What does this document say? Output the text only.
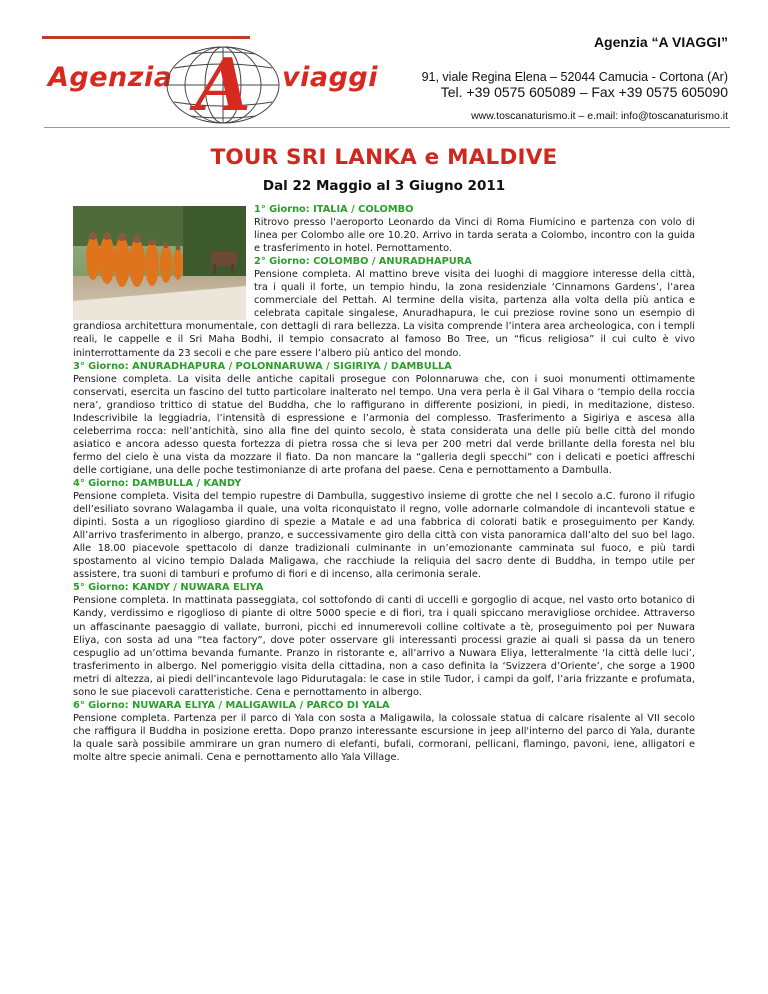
Agenzia A viaggi
Agenzia “A VIAGGI”
91, viale Regina Elena – 52044 Camucia - Cortona (Ar)
Tel. +39 0575 605089 – Fax +39 0575 605090
www.toscanaturismo.it – e.mail: info@toscanaturismo.it
TOUR SRI LANKA e MALDIVE
Dal 22 Maggio al 3 Giugno 2011
1° Giorno: ITALIA / COLOMBO
Ritrovo presso l'aeroporto Leonardo da Vinci di Roma Fiumicino e partenza con volo di linea per Colombo alle ore 10.20. Arrivo in tarda serata a Colombo, incontro con la guida e trasferimento in hotel. Pernottamento.
2° Giorno: COLOMBO / ANURADHAPURA
Pensione completa. Al mattino breve visita dei luoghi di maggiore interesse della città, tra i quali il forte, un tempio hindu, la zona residenziale ‘Cinnamons Gardens’, l’area commerciale del Pettah. Al termine della visita, partenza alla volta della più antica e celebrata capitale singalese, Anuradhapura, le cui preziose rovine sono un esempio di grandiosa architettura monumentale, con dettagli di rara bellezza. La visita comprende l’intera area archeologica, con i templi reali, le cappelle e il Sri Maha Bodhi, il tempio consacrato al famoso Bo Tree, un “ficus religiosa” il cui culto è vivo ininterrottamente da 23 secoli e che pare essere l’albero più antico del mondo.
3° Giorno: ANURADHAPURA / POLONNARUWA / SIGIRIYA / DAMBULLA
Pensione completa. La visita delle antiche capitali prosegue con Polonnaruwa che, con i suoi monumenti ottimamente conservati, esercita un fascino del tutto particolare inalterato nel tempo. Una vera perla è il Gal Vihara o ‘tempio della roccia nera’, grandioso trittico di statue del Buddha, che lo raffigurano in differente posizioni, in piedi, in meditazione, disteso. Indescrivibile la leggiadria, l’intensità di espressione e l’armonia del complesso. Trasferimento a Sigiriya e ascesa alla celeberrima rocca: nell’antichità, sino alla fine del quinto secolo, è stata considerata una delle più belle città del mondo asiatico e ancora adesso questa fortezza di pietra rossa che si leva per 200 metri dal verde brillante della foresta nel blu fermo del cielo è una vista da mozzare il fiato. Da non mancare la “galleria degli specchi” con i delicati e poetici affreschi delle cortigiane, una delle poche testimonianze di arte profana del paese. Cena e pernottamento a Dambulla.
4° Giorno: DAMBULLA / KANDY
Pensione completa. Visita del tempio rupestre di Dambulla, suggestivo insieme di grotte che nel I secolo a.C. furono il rifugio dell’esiliato sovrano Walagamba il quale, una volta riconquistato il regno, volle adornarle colmandole di incantevoli statue e dipinti. Sosta a un rigoglioso giardino di spezie a Matale e ad una fabbrica di colorati batik e proseguimento per Kandy. All’arrivo trasferimento in albergo, pranzo, e successivamente giro della città con vista panoramica dall’alto del suo bel lago. Alle 18.00 piacevole spettacolo di danze tradizionali culminante in un’emozionante camminata sul fuoco, e più tardi spostamento al vicino tempio Dalada Maligawa, che racchiude la reliquia del sacro dente di Buddha, in tempo utile per assistere, tra suoni di tamburi e profumo di fiori e di incenso, alla cerimonia serale.
5° Giorno: KANDY / NUWARA ELIYA
Pensione completa. In mattinata passeggiata, col sottofondo di canti di uccelli e gorgoglio di acque, nel vasto orto botanico di Kandy, verdissimo e rigoglioso di piante di oltre 5000 specie e di fiori, tra i quali spiccano meravigliose orchidee. Attraverso un affascinante paesaggio di vallate, burroni, picchi ed innumerevoli colline coltivate a tè, proseguimento poi per Nuwara Eliya, con sosta ad una “tea factory”, dove poter osservare gli interessanti processi grazie ai quali si passa da un tenero cespuglio ad un’ottima bevanda fumante. Pranzo in ristorante e, all’arrivo a Nuwara Eliya, letteralmente ‘la città delle luci’, trasferimento in albergo. Nel pomeriggio visita della cittadina, non a caso definita la ‘Svizzera d’Oriente’, che sorge a 1900 metri di altezza, ai piedi dell’incantevole lago Pidurutagala: le case in stile Tudor, i campi da golf, l’aria frizzante e profumata, sono le sue piacevoli caratteristiche. Cena e pernottamento in albergo.
6° Giorno: NUWARA ELIYA / MALIGAWILA / PARCO DI YALA
Pensione completa. Partenza per il parco di Yala con sosta a Maligawila, la colossale statua di calcare risalente al VII secolo che raffigura il Buddha in posizione eretta. Dopo pranzo interessante escursione in jeep all'interno del parco di Yala, durante la quale sarà possibile ammirare un gran numero di elefanti, bufali, cormorani, pellicani, flamingo, pavoni, iene, alligatori e molte altre specie animali. Cena e pernottamento allo Yala Village.
